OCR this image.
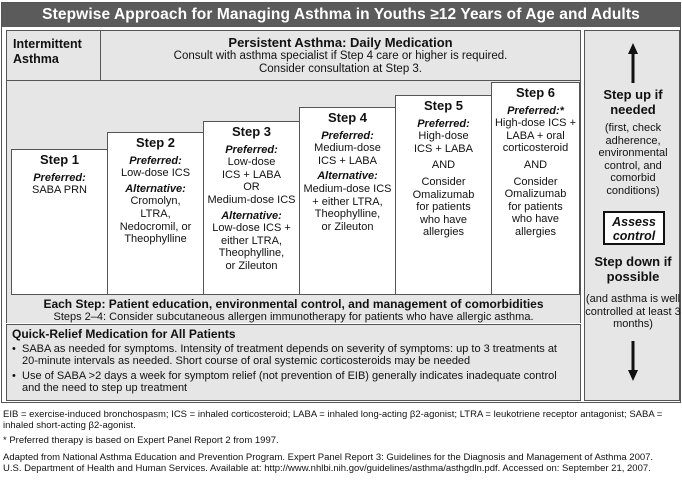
Stepwise Approach for Managing Asthma in Youths ≥12 Years of Age and Adults
Intermittent Asthma
Persistent Asthma: Daily Medication
Consult with asthma specialist if Step 4 care or higher is required.
Consider consultation at Step 3.
Step 1
Preferred:
SABA PRN
Step 2
Preferred:
Low-dose ICS
Alternative:
Cromolyn,
LTRA,
Nedocromil, or
Theophylline
Step 3
Preferred:
Low-dose
ICS + LABA
OR
Medium-dose ICS
Alternative:
Low-dose ICS +
either LTRA,
Theophylline,
or Zileuton
Step 4
Preferred:
Medium-dose
ICS + LABA
Alternative:
Medium-dose ICS
+ either LTRA,
Theophylline,
or Zileuton
Step 5
Preferred:
High-dose
ICS + LABA
AND
Consider
Omalizumab
for patients
who have
allergies
Step 6
Preferred:*
High-dose ICS +
LABA + oral
corticosteroid
AND
Consider
Omalizumab
for patients
who have
allergies
Each Step: Patient education, environmental control, and management of comorbidities
Steps 2–4: Consider subcutaneous allergen immunotherapy for patients who have allergic asthma.
Quick-Relief Medication for All Patients
• SABA as needed for symptoms. Intensity of treatment depends on severity of symptoms: up to 3 treatments at 20-minute intervals as needed. Short course of oral systemic corticosteroids may be needed
• Use of SABA >2 days a week for symptom relief (not prevention of EIB) generally indicates inadequate control and the need to step up treatment
Step up if needed
(first, check adherence, environmental control, and comorbid conditions)
Assess control
Step down if possible
(and asthma is well controlled at least 3 months)
EIB = exercise-induced bronchospasm; ICS = inhaled corticosteroid; LABA = inhaled long-acting β2-agonist; LTRA = leukotriene receptor antagonist; SABA = inhaled short-acting β2-agonist.
* Preferred therapy is based on Expert Panel Report 2 from 1997.
Adapted from National Asthma Education and Prevention Program. Expert Panel Report 3: Guidelines for the Diagnosis and Management of Asthma 2007.
U.S. Department of Health and Human Services. Available at: http://www.nhlbi.nih.gov/guidelines/asthma/asthgdln.pdf. Accessed on: September 21, 2007.
